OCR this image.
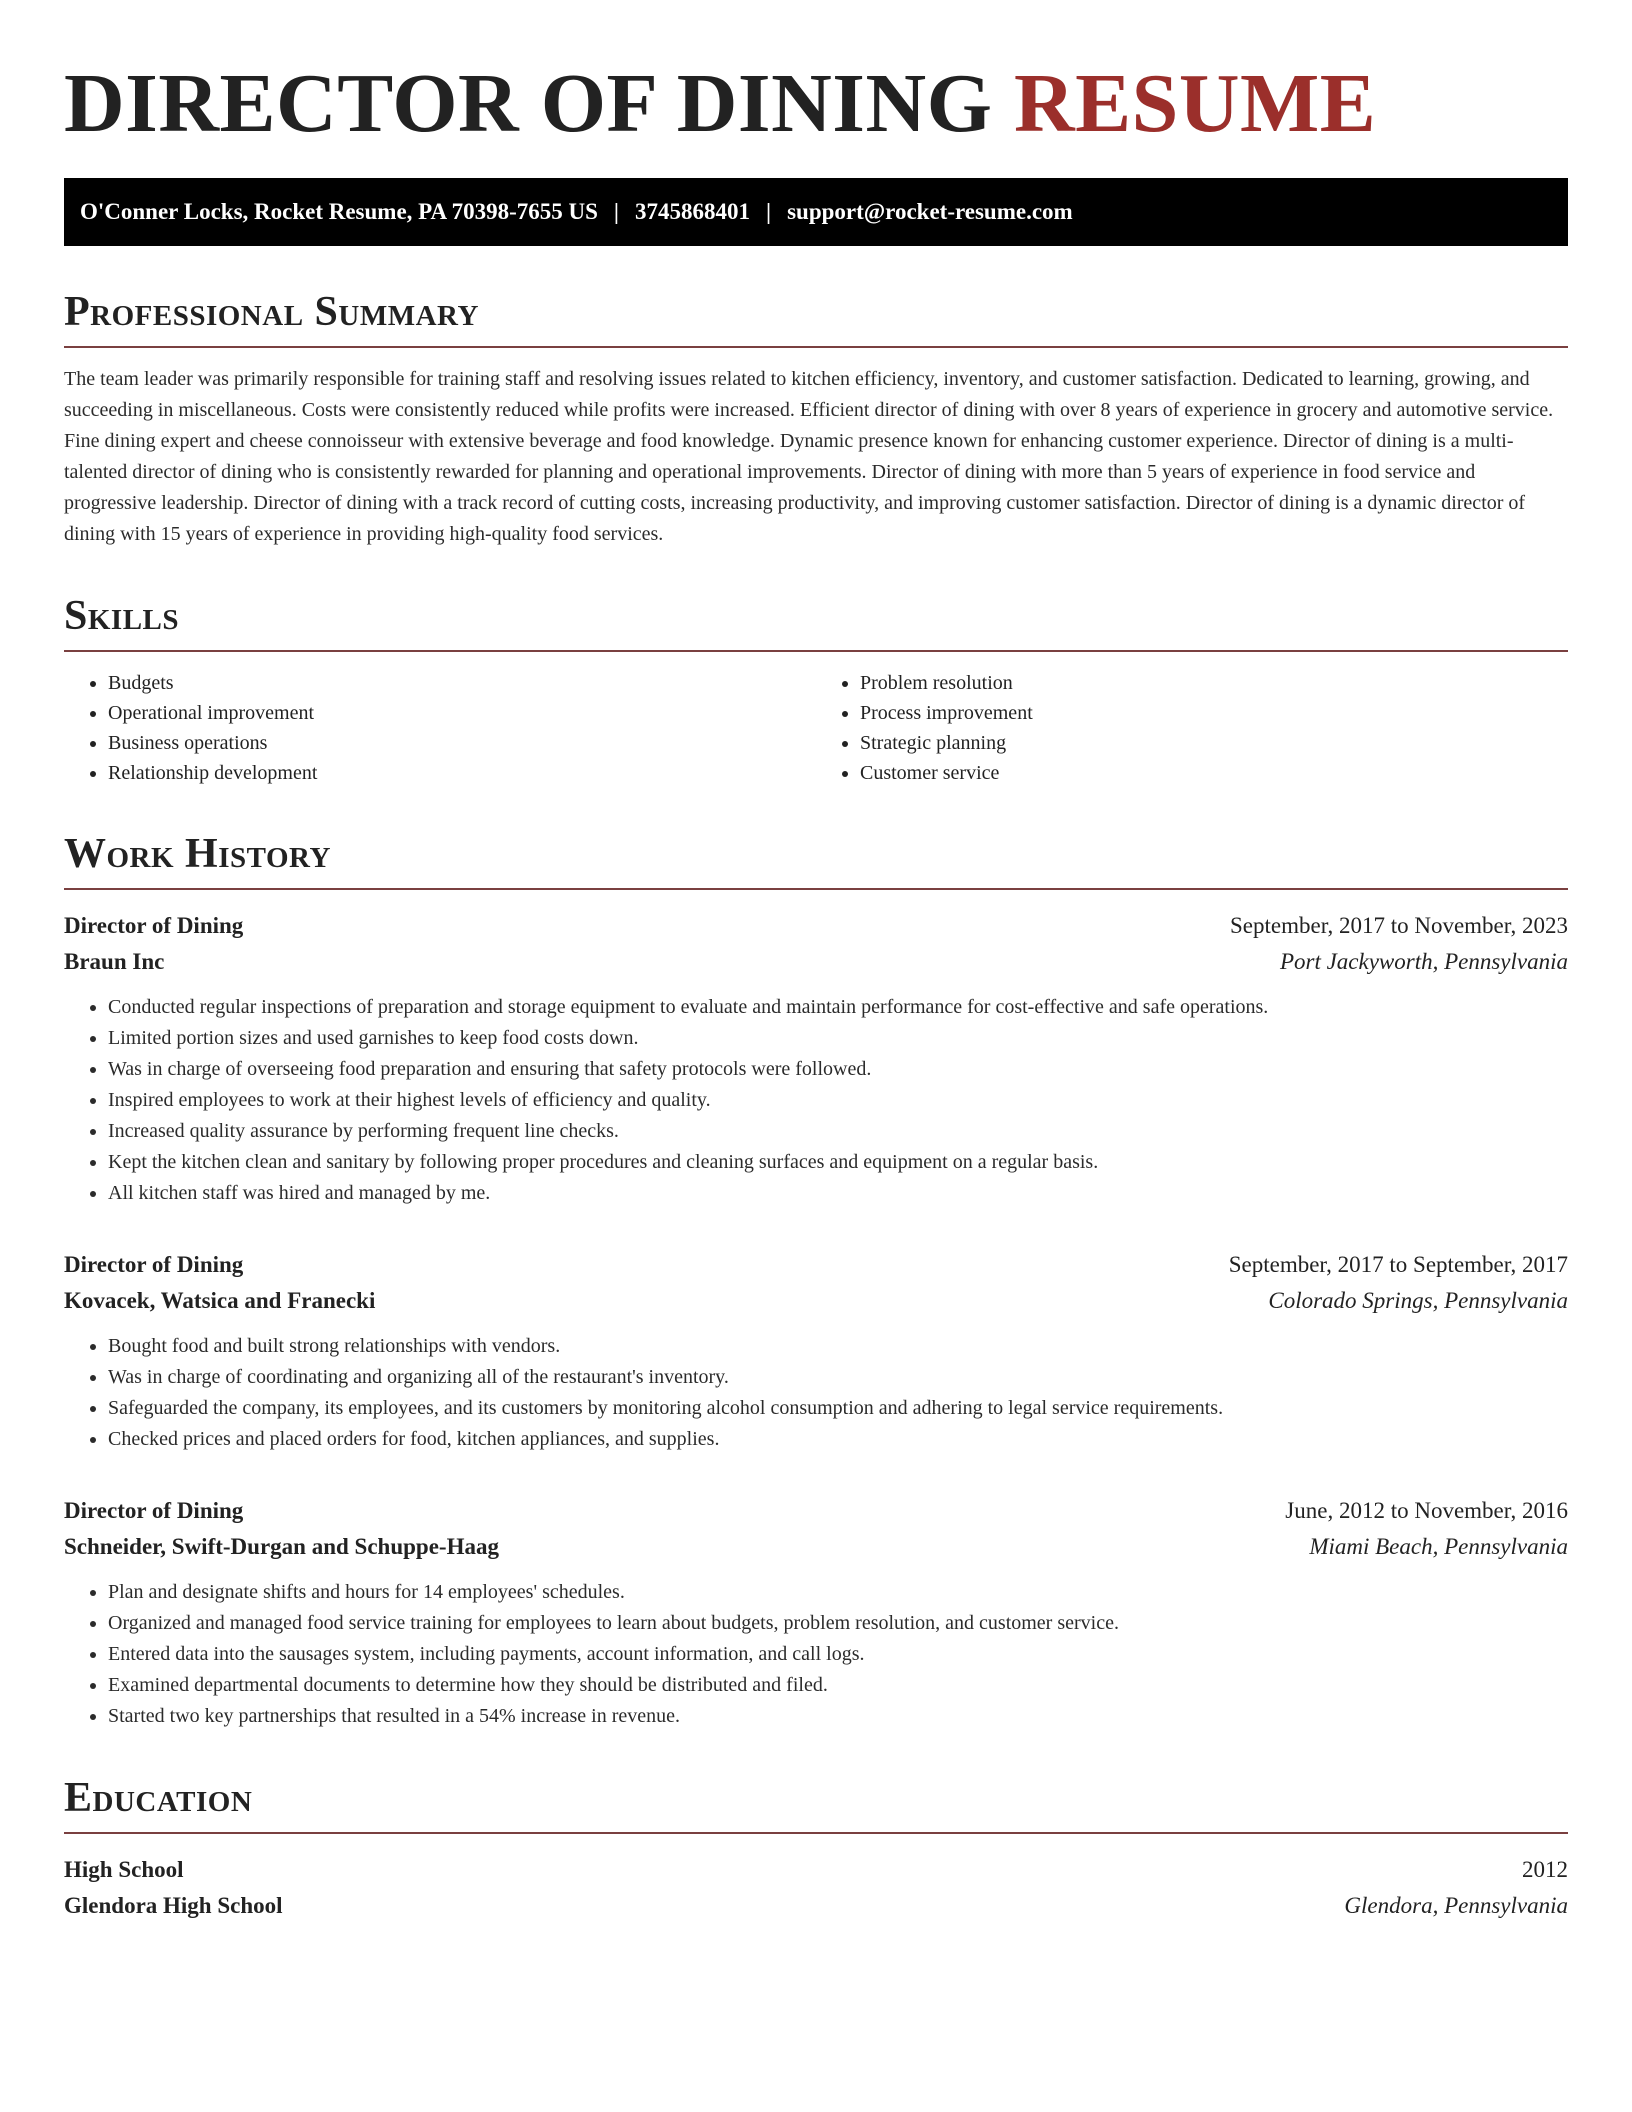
DIRECTOR OF DINING RESUME
O'Conner Locks, Rocket Resume, PA 70398-7655 US | 3745868401 | support@rocket-resume.com
Professional Summary

The team leader was primarily responsible for training staff and resolving issues related to kitchen efficiency, inventory, and customer satisfaction. Dedicated to learning, growing, and succeeding in miscellaneous. Costs were consistently reduced while profits were increased. Efficient director of dining with over 8 years of experience in grocery and automotive service. Fine dining expert and cheese connoisseur with extensive beverage and food knowledge. Dynamic presence known for enhancing customer experience. Director of dining is a multi-talented director of dining who is consistently rewarded for planning and operational improvements. Director of dining with more than 5 years of experience in food service and progressive leadership. Director of dining with a track record of cutting costs, increasing productivity, and improving customer satisfaction. Director of dining is a dynamic director of dining with 15 years of experience in providing high-quality food services.

Skills
• Budgets
• Operational improvement
• Business operations
• Relationship development
• Problem resolution
• Process improvement
• Strategic planning
• Customer service
Work History
Director of Dining	September, 2017 to November, 2023
Braun Inc	Port Jackyworth, Pennsylvania
• Conducted regular inspections of preparation and storage equipment to evaluate and maintain performance for cost-effective and safe operations.
• Limited portion sizes and used garnishes to keep food costs down.
• Was in charge of overseeing food preparation and ensuring that safety protocols were followed.
• Inspired employees to work at their highest levels of efficiency and quality.
• Increased quality assurance by performing frequent line checks.
• Kept the kitchen clean and sanitary by following proper procedures and cleaning surfaces and equipment on a regular basis.
• All kitchen staff was hired and managed by me.
Director of Dining	September, 2017 to September, 2017
Kovacek, Watsica and Franecki	Colorado Springs, Pennsylvania
• Bought food and built strong relationships with vendors.
• Was in charge of coordinating and organizing all of the restaurant's inventory.
• Safeguarded the company, its employees, and its customers by monitoring alcohol consumption and adhering to legal service requirements.
• Checked prices and placed orders for food, kitchen appliances, and supplies.
Director of Dining	June, 2012 to November, 2016
Schneider, Swift-Durgan and Schuppe-Haag	Miami Beach, Pennsylvania
• Plan and designate shifts and hours for 14 employees' schedules.
• Organized and managed food service training for employees to learn about budgets, problem resolution, and customer service.
• Entered data into the sausages system, including payments, account information, and call logs.
• Examined departmental documents to determine how they should be distributed and filed.
• Started two key partnerships that resulted in a 54% increase in revenue.
Education
High School	2012
Glendora High School	Glendora, Pennsylvania
